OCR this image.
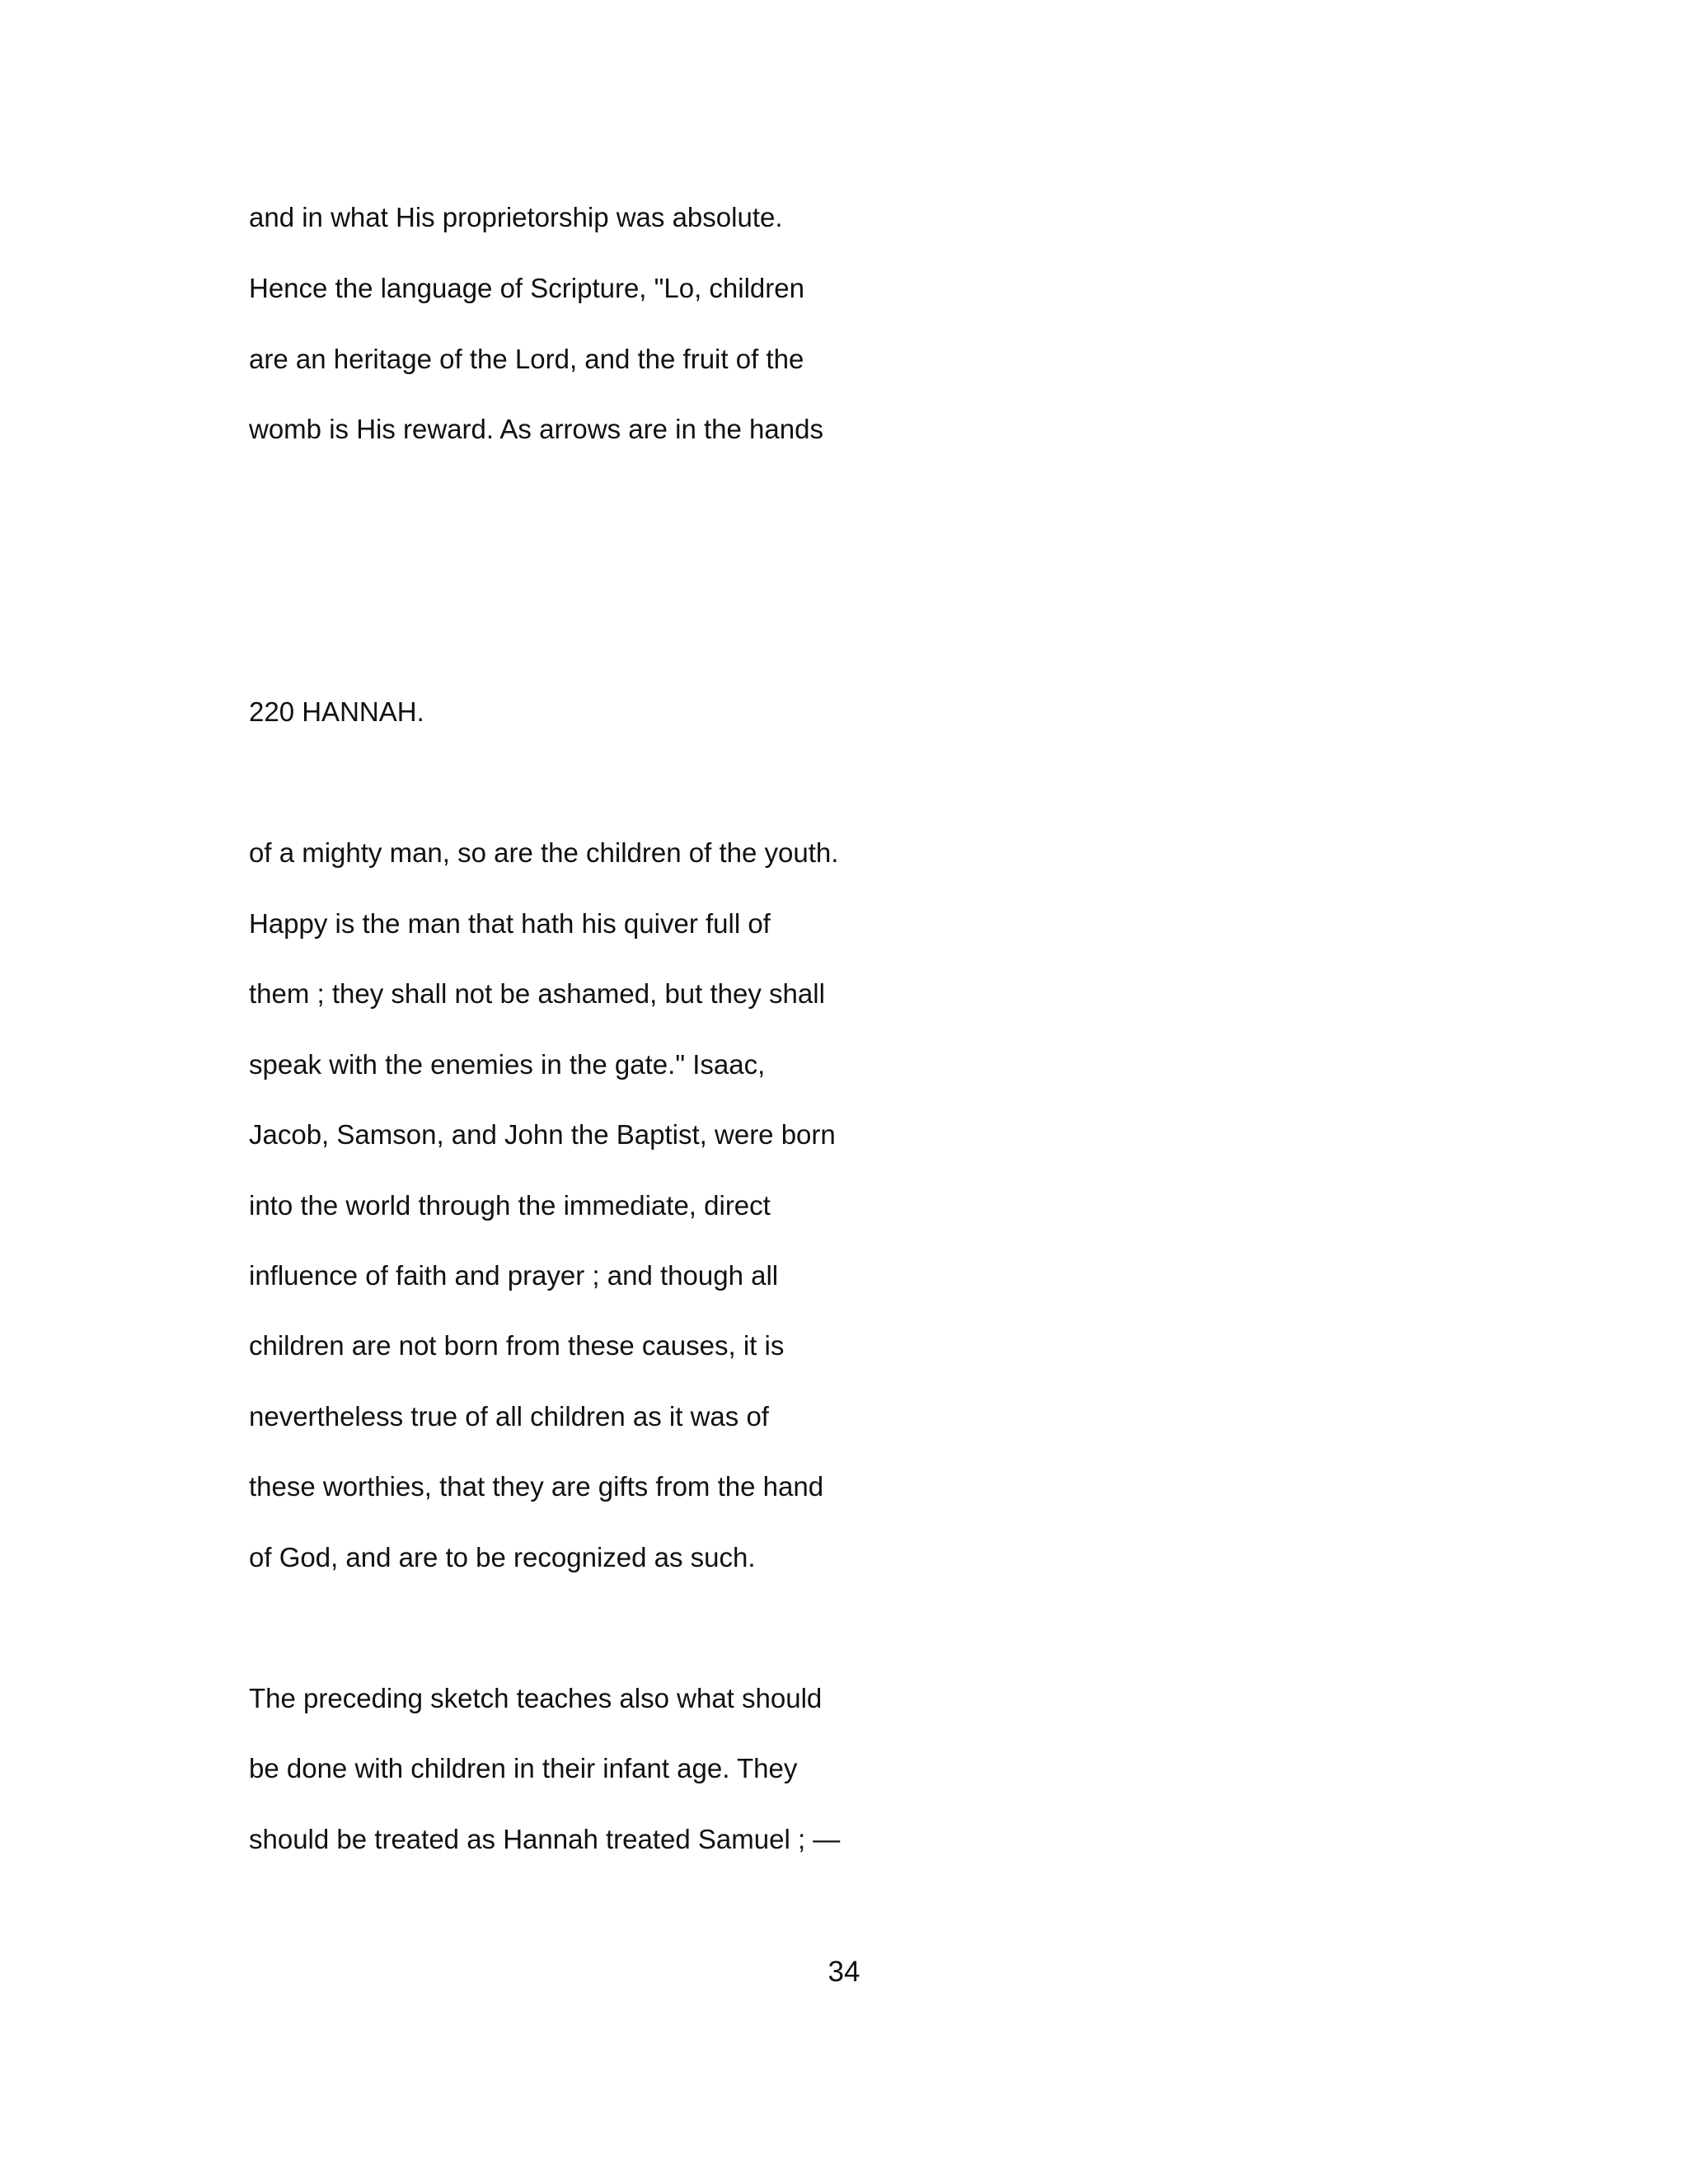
and in what His proprietorship was absolute.
Hence the language of Scripture, "Lo, children
are an heritage of the Lord, and the fruit of the
womb is His reward. As arrows are in the hands
220 HANNAH.
of a mighty man, so are the children of the youth.
Happy is the man that hath his quiver full of
them ; they shall not be ashamed, but they shall
speak with the enemies in the gate." Isaac,
Jacob, Samson, and John the Baptist, were born
into the world through the immediate, direct
influence of faith and prayer ; and though all
children are not born from these causes, it is
nevertheless true of all children as it was of
these worthies, that they are gifts from the hand
of God, and are to be recognized as such.
The preceding sketch teaches also what should
be done with children in their infant age. They
should be treated as Hannah treated Samuel ; —
34
